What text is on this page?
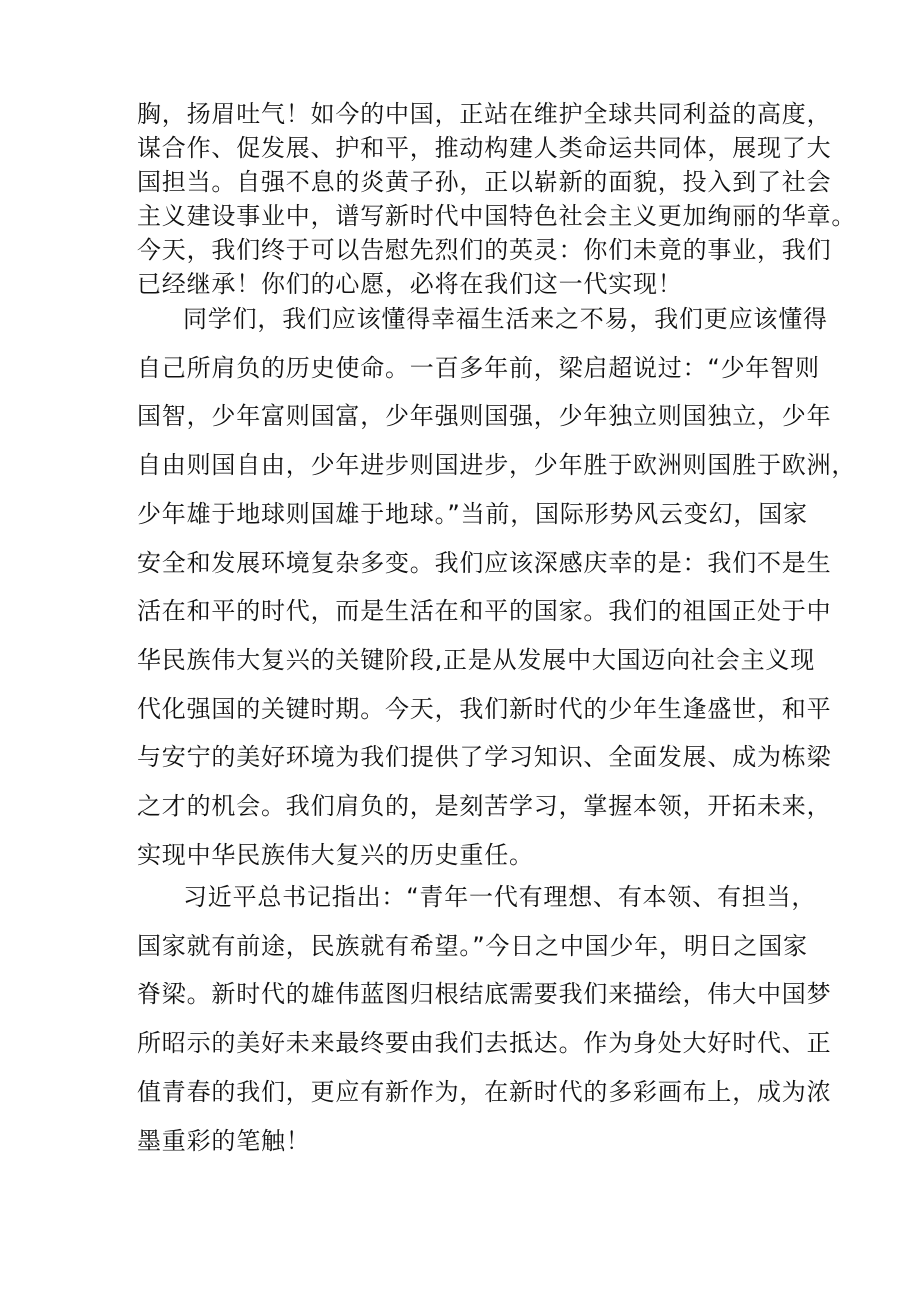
胸，扬眉吐气！如今的中国，正站在维护全球共同利益的高度，
谋合作、促发展、护和平，推动构建人类命运共同体，展现了大
国担当。自强不息的炎黄子孙，正以崭新的面貌，投入到了社会
主义建设事业中，谱写新时代中国特色社会主义更加绚丽的华章。
今天，我们终于可以告慰先烈们的英灵：你们未竟的事业，我们
已经继承！你们的心愿，必将在我们这一代实现！

同学们，我们应该懂得幸福生活来之不易，我们更应该懂得
自己所肩负的历史使命。一百多年前，梁启超说过：“少年智则
国智，少年富则国富，少年强则国强，少年独立则国独立，少年
自由则国自由，少年进步则国进步，少年胜于欧洲则国胜于欧洲，
少年雄于地球则国雄于地球。”当前，国际形势风云变幻，国家
安全和发展环境复杂多变。我们应该深感庆幸的是：我们不是生
活在和平的时代，而是生活在和平的国家。我们的祖国正处于中
华民族伟大复兴的关键阶段,正是从发展中大国迈向社会主义现
代化强国的关键时期。今天，我们新时代的少年生逢盛世，和平
与安宁的美好环境为我们提供了学习知识、全面发展、成为栋梁
之才的机会。我们肩负的，是刻苦学习，掌握本领，开拓未来，
实现中华民族伟大复兴的历史重任。

习近平总书记指出：“青年一代有理想、有本领、有担当，
国家就有前途，民族就有希望。”今日之中国少年，明日之国家
脊梁。新时代的雄伟蓝图归根结底需要我们来描绘，伟大中国梦
所昭示的美好未来最终要由我们去抵达。作为身处大好时代、正
值青春的我们，更应有新作为，在新时代的多彩画布上，成为浓
墨重彩的笔触！
